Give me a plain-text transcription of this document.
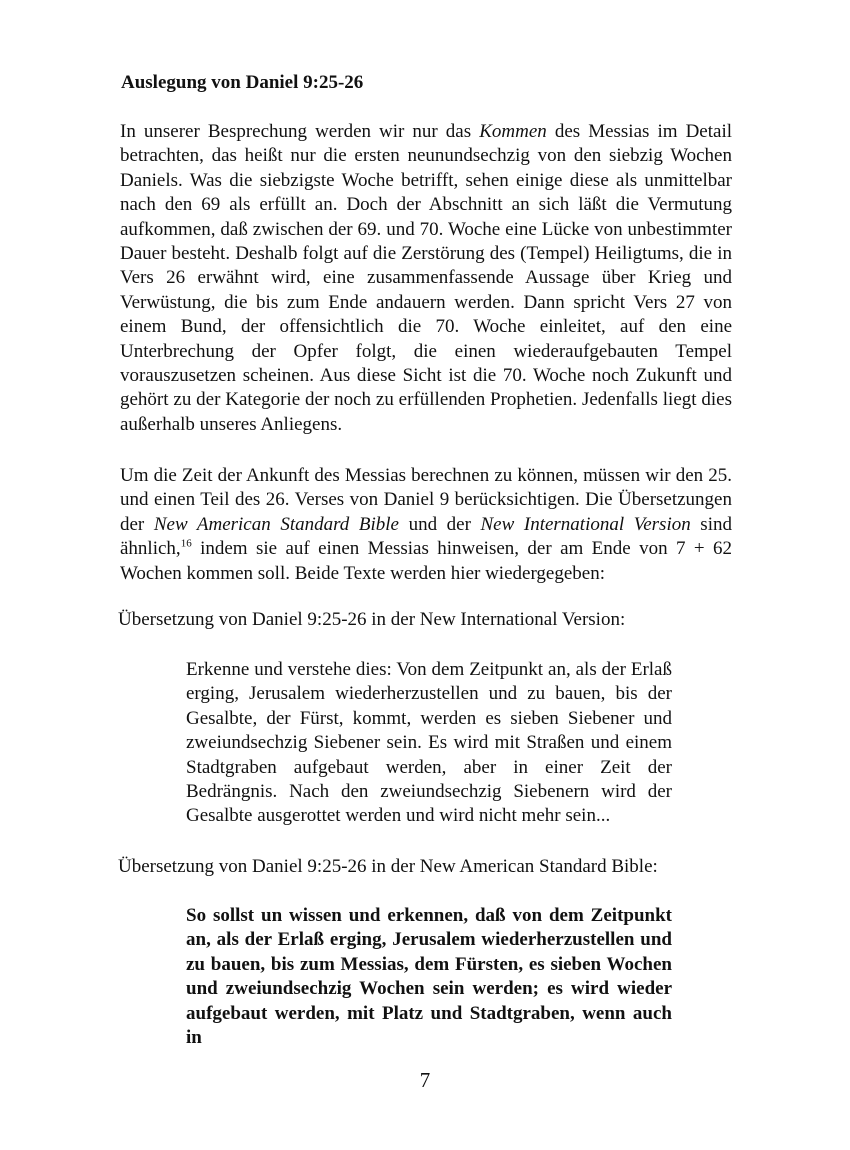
Auslegung von Daniel 9:25-26

In unserer Besprechung werden wir nur das Kommen des Messias im Detail betrachten, das heißt nur die ersten neunundsechzig von den siebzig Wochen Daniels. Was die siebzigste Woche betrifft, sehen einige diese als unmittelbar nach den 69 als erfüllt an. Doch der Abschnitt an sich läßt die Vermutung aufkommen, daß zwischen der 69. und 70. Woche eine Lücke von unbestimmter Dauer besteht. Deshalb folgt auf die Zerstörung des (Tempel) Heiligtums, die in Vers 26 erwähnt wird, eine zusammenfassende Aussage über Krieg und Verwüstung, die bis zum Ende andauern werden. Dann spricht Vers 27 von einem Bund, der offensichtlich die 70. Woche einleitet, auf den eine Unterbrechung der Opfer folgt, die einen wiederaufgebauten Tempel vorauszusetzen scheinen. Aus diese Sicht ist die 70. Woche noch Zukunft und gehört zu der Kategorie der noch zu erfüllenden Prophetien. Jedenfalls liegt dies außerhalb unseres Anliegens.

Um die Zeit der Ankunft des Messias berechnen zu können, müssen wir den 25. und einen Teil des 26. Verses von Daniel 9 berücksichtigen. Die Übersetzungen der New American Standard Bible und der New International Version sind ähnlich,$^{16}$ indem sie auf einen Messias hinweisen, der am Ende von 7 + 62 Wochen kommen soll. Beide Texte werden hier wiedergegeben:

Übersetzung von Daniel 9:25-26 in der New International Version:

Erkenne und verstehe dies: Von dem Zeitpunkt an, als der Erlaß erging, Jerusalem wiederherzustellen und zu bauen, bis der Gesalbte, der Fürst, kommt, werden es sieben Siebener und zweiundsechzig Siebener sein. Es wird mit Straßen und einem Stadtgraben aufgebaut werden, aber in einer Zeit der Bedrängnis. Nach den zweiundsechzig Siebenern wird der Gesalbte ausgerottet werden und wird nicht mehr sein...

Übersetzung von Daniel 9:25-26 in der New American Standard Bible:

So sollst un wissen und erkennen, daß von dem Zeitpunkt an, als der Erlaß erging, Jerusalem wiederherzustellen und zu bauen, bis zum Messias, dem Fürsten, es sieben Wochen und zweiundsechzig Wochen sein werden; es wird wieder aufgebaut werden, mit Platz und Stadtgraben, wenn auch in
7
